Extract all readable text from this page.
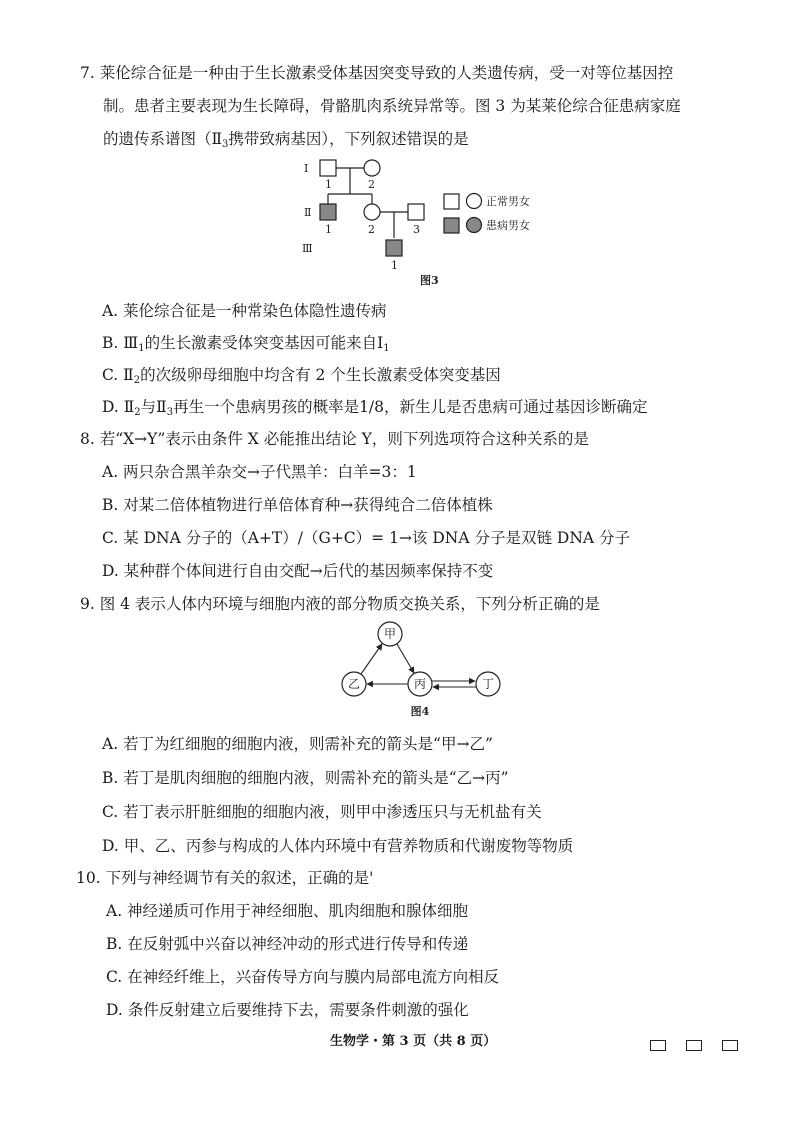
7. 莱伦综合征是一种由于生长激素受体基因突变导致的人类遗传病，受一对等位基因控
制。患者主要表现为生长障碍，骨骼肌肉系统异常等。图 3 为某莱伦综合征患病家庭
的遗传系谱图（$Ⅱ_3$携带致病基因），下列叙述错误的是
Ⅰ
Ⅱ
Ⅲ
1	2
1	2	3
1
正常男女
患病男女
图3
A. 莱伦综合征是一种常染色体隐性遗传病
B. $Ⅲ_1$的生长激素受体突变基因可能来自$Ⅰ_1$
C. $Ⅱ_2$的次级卵母细胞中均含有 2 个生长激素受体突变基因
D. $Ⅱ_2$与$Ⅱ_3$再生一个患病男孩的概率是1/8，新生儿是否患病可通过基因诊断确定
8. 若“X→Y”表示由条件 X 必能推出结论 Y，则下列选项符合这种关系的是
A. 两只杂合黑羊杂交→子代黑羊：白羊=3：1
B. 对某二倍体植物进行单倍体育种→获得纯合二倍体植株
C. 某 DNA 分子的（A+T）/（G+C）= 1→该 DNA 分子是双链 DNA 分子
D. 某种群个体间进行自由交配→后代的基因频率保持不变
9. 图 4 表示人体内环境与细胞内液的部分物质交换关系，下列分析正确的是
甲
乙	丙	丁
图4
A. 若丁为红细胞的细胞内液，则需补充的箭头是“甲→乙”
B. 若丁是肌肉细胞的细胞内液，则需补充的箭头是“乙→丙”
C. 若丁表示肝脏细胞的细胞内液，则甲中渗透压只与无机盐有关
D. 甲、乙、丙参与构成的人体内环境中有营养物质和代谢废物等物质
10. 下列与神经调节有关的叙述，正确的是'
A. 神经递质可作用于神经细胞、肌肉细胞和腺体细胞
B. 在反射弧中兴奋以神经冲动的形式进行传导和传递
C. 在神经纤维上，兴奋传导方向与膜内局部电流方向相反
D. 条件反射建立后要维持下去，需要条件刺激的强化
生物学・第 3 页（共 8 页）
